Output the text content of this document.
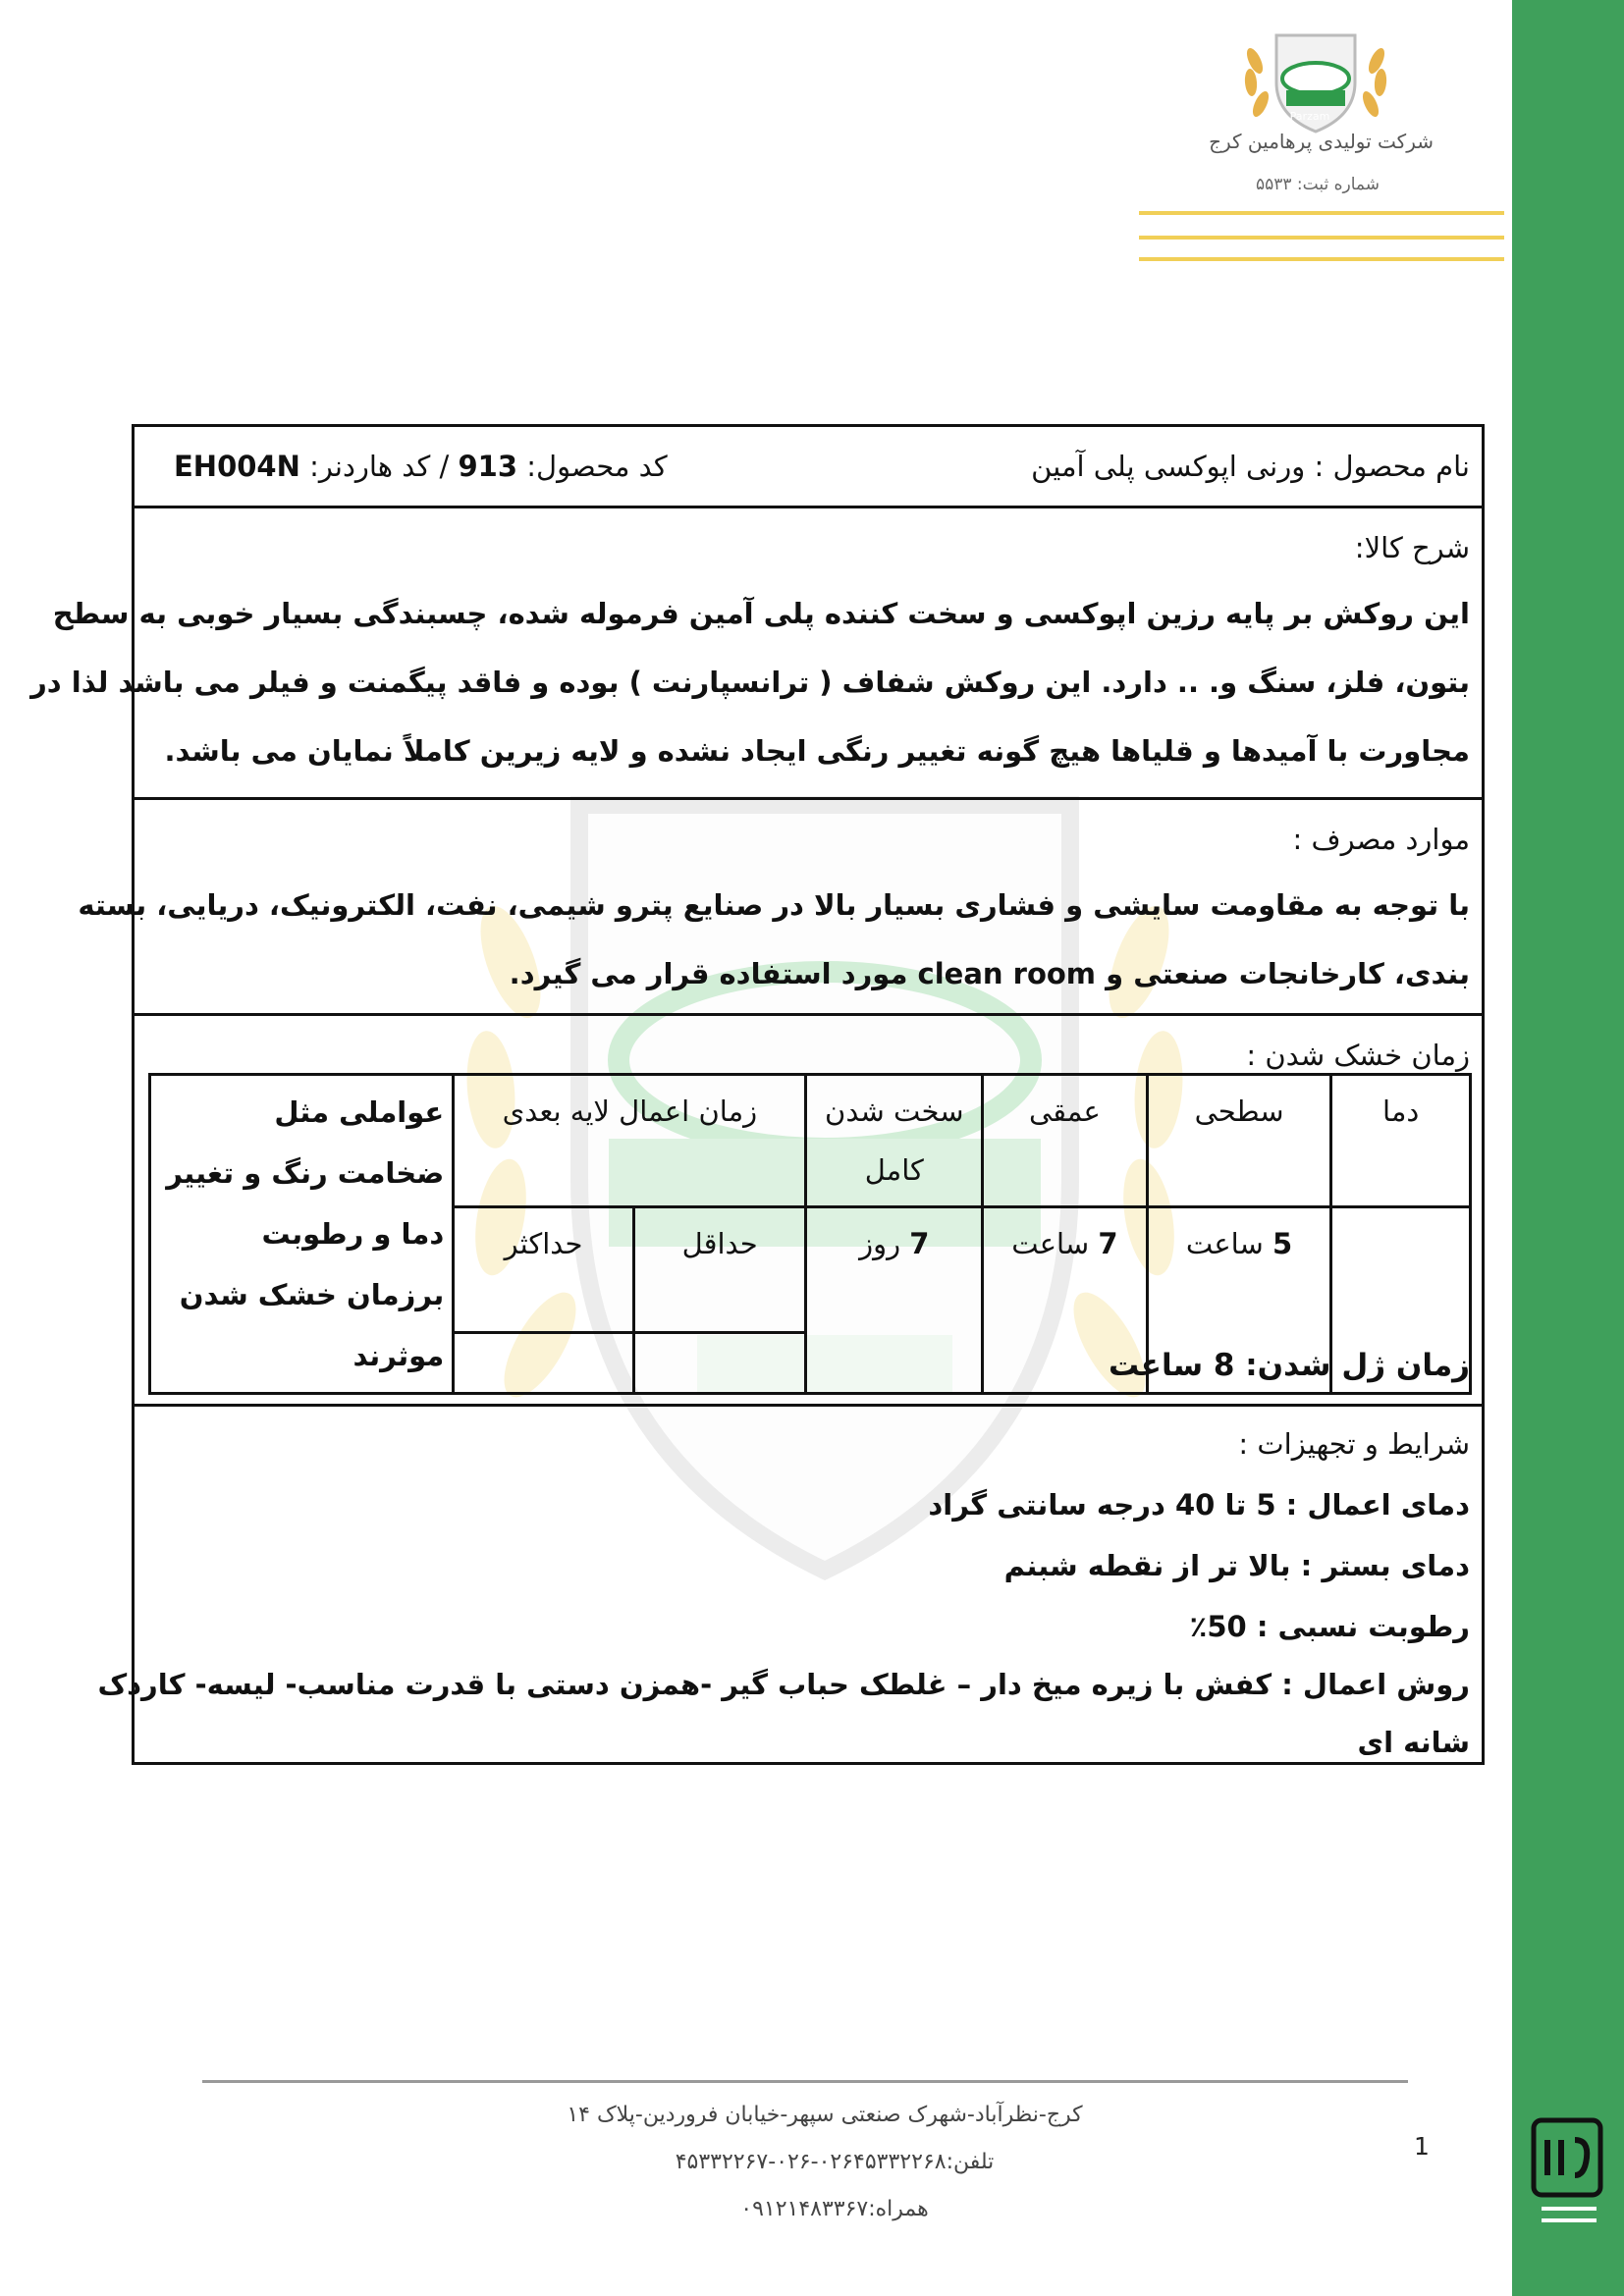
Parzam
شرکت تولیدی پرهامین کرج
شماره ثبت: ۵۵۳۳
نام محصول : ورنی اپوکسی پلی آمین
کد محصول: 913 / کد هاردنر: EH004N
شرح کالا:
این روکش بر پایه رزین اپوکسی و سخت کننده پلی آمین فرموله شده، چسبندگی بسیار خوبی به سطح
بتون، فلز، سنگ و. .. دارد. این روکش شفاف ( ترانسپارنت ) بوده و فاقد پیگمنت و فیلر می باشد لذا در
مجاورت با آمیدها و قلیاها هیچ گونه تغییر رنگی ایجاد نشده و لایه زیرین کاملاً نمایان می باشد.
موارد مصرف :
با توجه به مقاومت سایشی و فشاری بسیار بالا در صنایع پترو شیمی، نفت، الکترونیک، دریایی، بسته
بندی، کارخانجات صنعتی و clean room مورد استفاده قرار می گیرد.
زمان خشک شدن :
دما	سطحی	عمقی	سخت شدن کامل	زمان اعمال لایه بعدی		عواملی مثل ضخامت رنگ و تغییر دما و رطوبت برزمان خشک شدن موثرند
	5 ساعت	7 ساعت	7 روز	حداقل	حداکثر	

زمان ژل شدن: 8 ساعت
شرایط و تجهیزات :
دمای اعمال : 5 تا 40 درجه سانتی گراد
دمای بستر : بالا تر از نقطه شبنم
رطوبت نسبی : 50٪
روش اعمال : کفش با زیره میخ دار – غلطک حباب گیر -همزن دستی با قدرت مناسب- لیسه- کاردک
شانه ای
کرج-نظرآباد-شهرک صنعتی سپهر-خیابان فروردین-پلاک ۱۴
تلفن:۰۲۶۴۵۳۳۲۲۶۸-۰۲۶-۴۵۳۳۲۲۶۷
همراه:۰۹۱۲۱۴۸۳۳۶۷
1
